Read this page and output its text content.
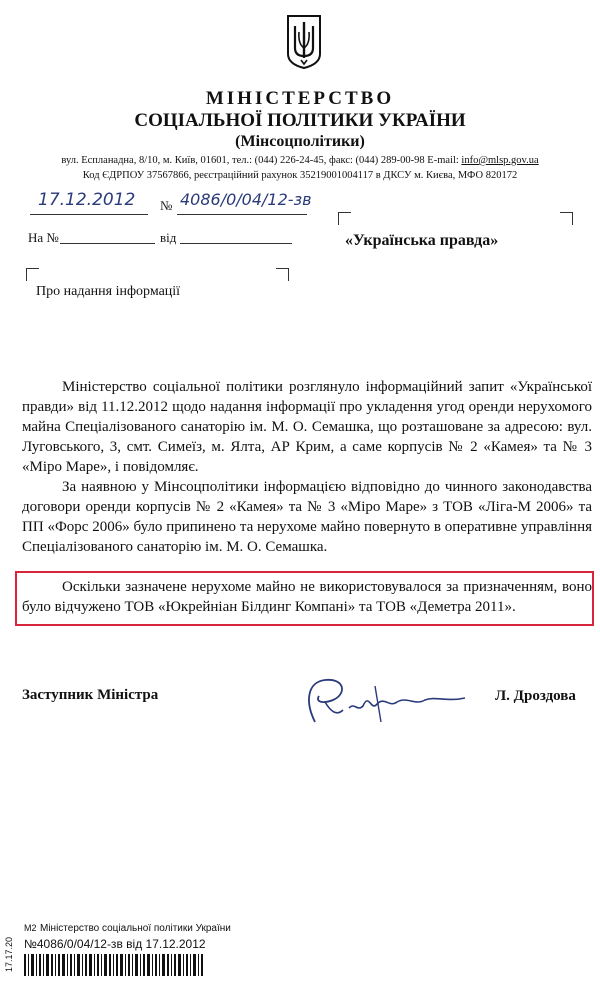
МІНІСТЕРСТВО
СОЦІАЛЬНОЇ ПОЛІТИКИ УКРАЇНИ
(Мінсоцполітики)
вул. Еспланадна, 8/10, м. Київ, 01601, тел.: (044) 226-24-45, факс: (044) 289-00-98 E-mail: info@mlsp.gov.ua
Код ЄДРПОУ 37567866, реєстраційний рахунок 35219001004117 в ДКСУ м. Києва, МФО 820172
17.12.2012 № 4086/0/04/12-зв
На №	від	«Українська правда»
Про надання інформації
Міністерство соціальної політики розглянуло інформаційний запит «Української правди» від 11.12.2012 щодо надання інформації про укладення угод оренди нерухомого майна Спеціалізованого санаторію ім. М. О. Семашка, що розташоване за адресою: вул. Луговського, 3, смт. Симеїз, м. Ялта, АР Крим, а саме корпусів № 2 «Камея» та № 3 «Міро Маре», і повідомляє.
За наявною у Мінсоцполітики інформацією відповідно до чинного законодавства договори оренди корпусів № 2 «Камея» та № 3 «Міро Маре» з ТОВ «Ліга-М 2006» та ПП «Форс 2006» було припинено та нерухоме майно повернуто в оперативне управління Спеціалізованого санаторію ім. М. О. Семашка.
Оскільки зазначене нерухоме майно не використовувалося за призначенням, воно було відчужено ТОВ «Юкрейніан Білдинг Компані» та ТОВ «Деметра 2011».
Заступник Міністра	Л. Дроздова
17.17.20
М2 Міністерство соціальної політики України
№4086/0/04/12-зв від 17.12.2012
